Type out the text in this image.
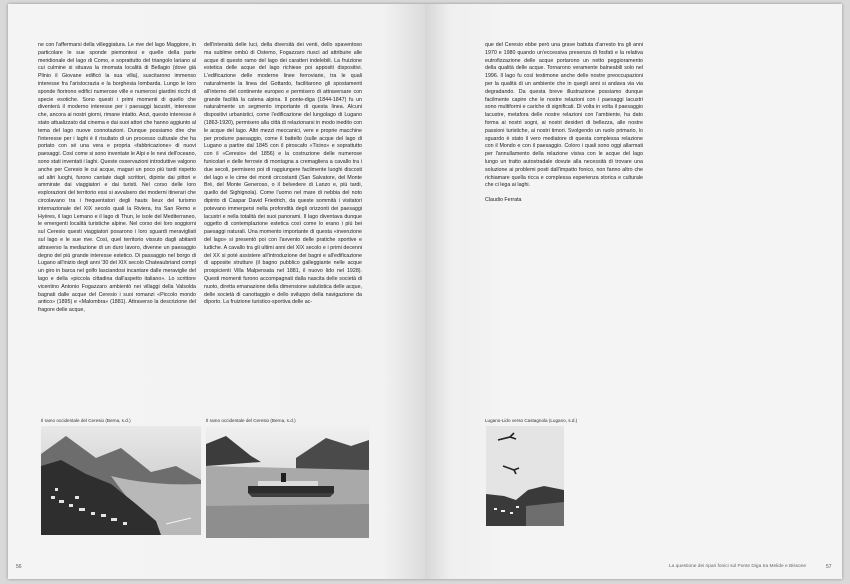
ne con l'affermarsi della villeggiatura. Le rive del lago Maggiore, in particolare le sue sponde piemontesi e quelle della parte meridionale del lago di Como, e soprattutto del triangolo lariano al cui culmine si situava la rinomata località di Bellagio (dove già Plinio il Giovane edificò la sua villa), suscitarono immenso interesse fra l'aristocrazia e la borghesia lombarda. Lungo le loro sponde fiorirono edifici numerose ville e numerosi giardini ricchi di specie esotiche. Sono questi i primi momenti di quello che diventerà il moderno interesse per i paesaggi lacustri, interesse che, ancora ai nostri giorni, rimane intatto. Anzi, questo interesse è stato attualizzato dal cinema e dai suoi attori che hanno aggiunto al tema del lago nuove connotazioni. Dunque possiamo dire che l'interesse per i laghi è il risultato di un processo culturale che ha portato con sé una vera e propria «fabbricazione» di nuovi paesaggi. Così come si sono inventate le Alpi e le nevi dell'oceano, sono stati inventati i laghi. Queste osservazioni introduttive valgono anche per Ceresio le cui acque, magari un poco più tardi rispetto ad altri luoghi, furono cantate dagli scrittori, dipinte dai pittori e ammirate dai viaggiatori e dai turisti. Nel corso delle loro esplorazioni del territorio essi si avvalsero dei moderni itinerari che circolavano tra i frequentatori degli hauts lieux del turismo internazionale del XIX secolo quali la Riviera, tra San Remo e Hyères, il lago Lemano e il lago di Thun, le isole del Mediterraneo, le emergenti località turistiche alpine. Nel corso dei loro soggiorni sul Ceresio questi viaggiatori posarono i loro sguardi meravigliati sul lago e le sue rive. Così, quel territorio vissuto dagli abitanti attraverso la mediazione di un duro lavoro, divenne un paesaggio degno del più grande interesse estetico. Di passaggio nel borgo di Lugano all'inizio degli anni '30 del XIX secolo Chateaubriand compì un giro in barca nel golfo lasciandosi incantare dalle meraviglie del lago e della «piccola cittadina dall'aspetto italiano». Lo scrittore vicentino Antonio Fogazzaro ambientò nei villaggi della Valsolda bagnati dalle acque del Ceresio i suoi romanzi «Piccolo mondo antico» (1895) e «Malombra» (1881). Attraverso la descrizione del fragore delle acque,

dell'intensità delle luci, della diversità dei venti, dello spaventoso ma sublime ombù di Ostemo, Fogazzaro riuscì ad attribuire alle acque di questo ramo del lago dei caratteri indelebili. La fruizione estetica delle acque del lago richiese poi appositi dispositivi. L'edificazione delle moderne linee ferroviarie, tra le quali naturalmente la linea del Gottardo, facilitarono gli spostamenti all'interno del continente europeo e permisero di attraversare con grande facilità la catena alpina. Il ponte-diga (1844-1847) fu un naturalmente un segmento importante di questa linea. Alcuni dispositivi urbanistici, come l'edificazione del lungolago di Lugano (1863-1920), permisero alla città di relazionarsi in modo inedito con le acque del lago. Altri mezzi meccanici, vere e proprie macchine per produrre paesaggio, come il battello (sulle acque del lago di Lugano a partire dal 1845 con il piroscafo «Ticino» e soprattutto con il «Ceresio» del 1856) e la costruzione delle numerose funicolari e delle ferrovie di montagna a cremagliera a cavallo tra i due secoli, permisero poi di raggiungere facilmente luoghi discosti del lago e le cime dei monti circostanti (San Salvatore, del Monte Brè, del Monte Generoso, o il belvedere di Lanzo e, più tardi, quello del Sighignola). Come l'uomo nel mare di nebbia del noto dipinto di Caspar David Friedrich, da queste sommità i visitatori potevano immergersi nella profondità degli orizzonti dei paesaggi lacustri e nella totalità dei suoi panorami. Il lago diventava dunque oggetto di contemplazione estetica così come lo erano i più bei paesaggi naturali. Una momento importante di questa «invenzione del lago» si presentò poi con l'avvento delle pratiche sportive e ludiche. A cavallo tra gli ultimi anni del XIX secolo e i primi decenni del XX si poté assistere all'introduzione dei bagni e all'edificazione di apposite strutture (il bagno pubblico galleggiante nelle acque prospicienti Villa Malpensata nel 1881, il nuovo lido nel 1928). Questi momenti furono accompagnati dalla nascita delle società di nuoto, diretta emanazione della dimensione salutistica delle acque, delle società di canottaggio e dello sviluppo della navigazione da diporto. La fruizione turistico-sportiva delle ac-

Il ramo occidentale del Ceresio (Berna, s.d.)	Il ramo occidentale del Ceresio (Berna, s.d.)
56

que del Ceresio ebbe però una grave battuta d'arresto tra gli anni 1970 e 1980 quando un'eccessiva presenza di fosfati e la relativa eutrofizzazione delle acque portarono un netto peggioramento della qualità delle acque. Tornarono veramente balneabili solo nel 1996. Il lago fu così testimone anche delle nostre preoccupazioni per la qualità di un ambiente che in quegli anni si andava via via degradando. Da questa breve illustrazione possiamo dunque facilmente capire che le nostre relazioni con i paesaggi lacustri sono multiformi e cariche di significati. Di volta in volta il paesaggio lacustre, metafora delle nostre relazioni con l'ambiente, ha dato forma ai nostri sogni, ai nostri desideri di bellezza, alle nostre passioni turistiche, ai nostri timori. Svolgendo un ruolo primario, lo sguardo è stato il vero mediatore di questa complessa relazione con il Mondo e con il paesaggio. Coloro i quali sono oggi allarmati per l'annullamento della relazione visiva con le acque del lago lungo un tratto autostradale dovute alla necessità di trovare una soluzione ai problemi posti dall'impatto fonico, non fanno altro che richiamare quella ricca e complessa esperienza storica e culturale che ci lega ai laghi.

Claudio Ferrata

Lugano-Lido verso Castagnola (Lugano, s.d.)
La questione dei ripari fonici sul Ponte Diga tra Melide e Bissone	57
